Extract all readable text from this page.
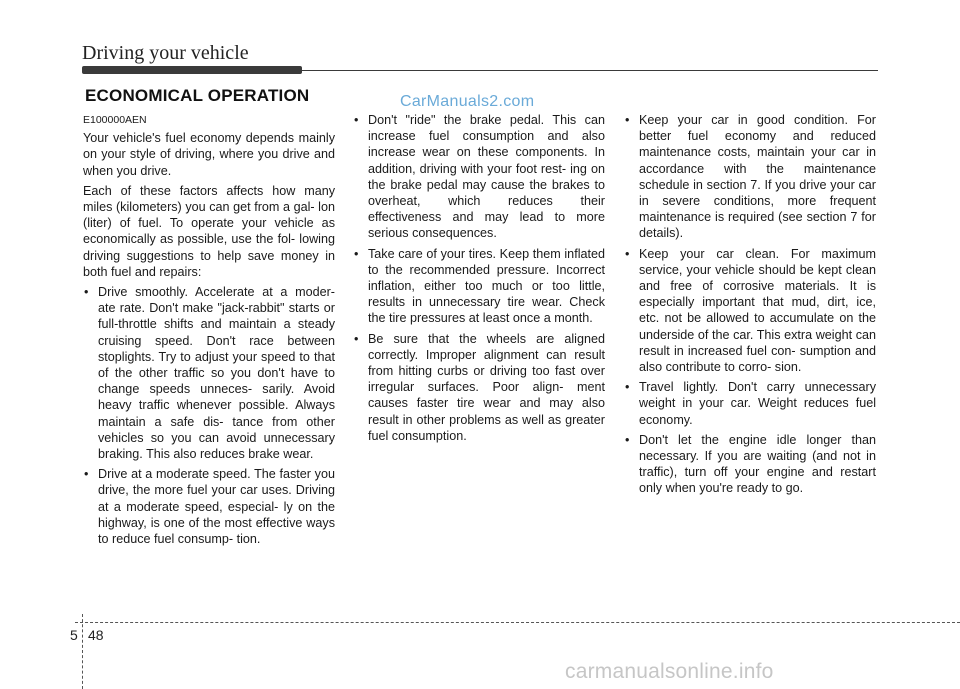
Driving your vehicle
ECONOMICAL OPERATION	CarManuals2.com
E100000AEN

Your vehicle's fuel economy depends mainly on your style of driving, where you drive and when you drive.

Each of these factors affects how many miles (kilometers) you can get from a gal- lon (liter) of fuel. To operate your vehicle as economically as possible, use the fol- lowing driving suggestions to help save money in both fuel and repairs:

• Drive smoothly. Accelerate at a moder- ate rate. Don't make "jack-rabbit" starts or full-throttle shifts and maintain a steady cruising speed. Don't race between stoplights. Try to adjust your speed to that of the other traffic so you don't have to change speeds unneces- sarily. Avoid heavy traffic whenever possible. Always maintain a safe dis- tance from other vehicles so you can avoid unnecessary braking. This also reduces brake wear.
• Drive at a moderate speed. The faster you drive, the more fuel your car uses. Driving at a moderate speed, especial- ly on the highway, is one of the most effective ways to reduce fuel consump- tion.
• Don't "ride" the brake pedal. This can increase fuel consumption and also increase wear on these components. In addition, driving with your foot rest- ing on the brake pedal may cause the brakes to overheat, which reduces their effectiveness and may lead to more serious consequences.
• Take care of your tires. Keep them inflated to the recommended pressure. Incorrect inflation, either too much or too little, results in unnecessary tire wear. Check the tire pressures at least once a month.
• Be sure that the wheels are aligned correctly. Improper alignment can result from hitting curbs or driving too fast over irregular surfaces. Poor align- ment causes faster tire wear and may also result in other problems as well as greater fuel consumption.
• Keep your car in good condition. For better fuel economy and reduced maintenance costs, maintain your car in accordance with the maintenance schedule in section 7. If you drive your car in severe conditions, more frequent maintenance is required (see section 7 for details).
• Keep your car clean. For maximum service, your vehicle should be kept clean and free of corrosive materials. It is especially important that mud, dirt, ice, etc. not be allowed to accumulate on the underside of the car. This extra weight can result in increased fuel con- sumption and also contribute to corro- sion.
• Travel lightly. Don't carry unnecessary weight in your car. Weight reduces fuel economy.
• Don't let the engine idle longer than necessary. If you are waiting (and not in traffic), turn off your engine and restart only when you're ready to go.
5 48
carmanualsonline.info
